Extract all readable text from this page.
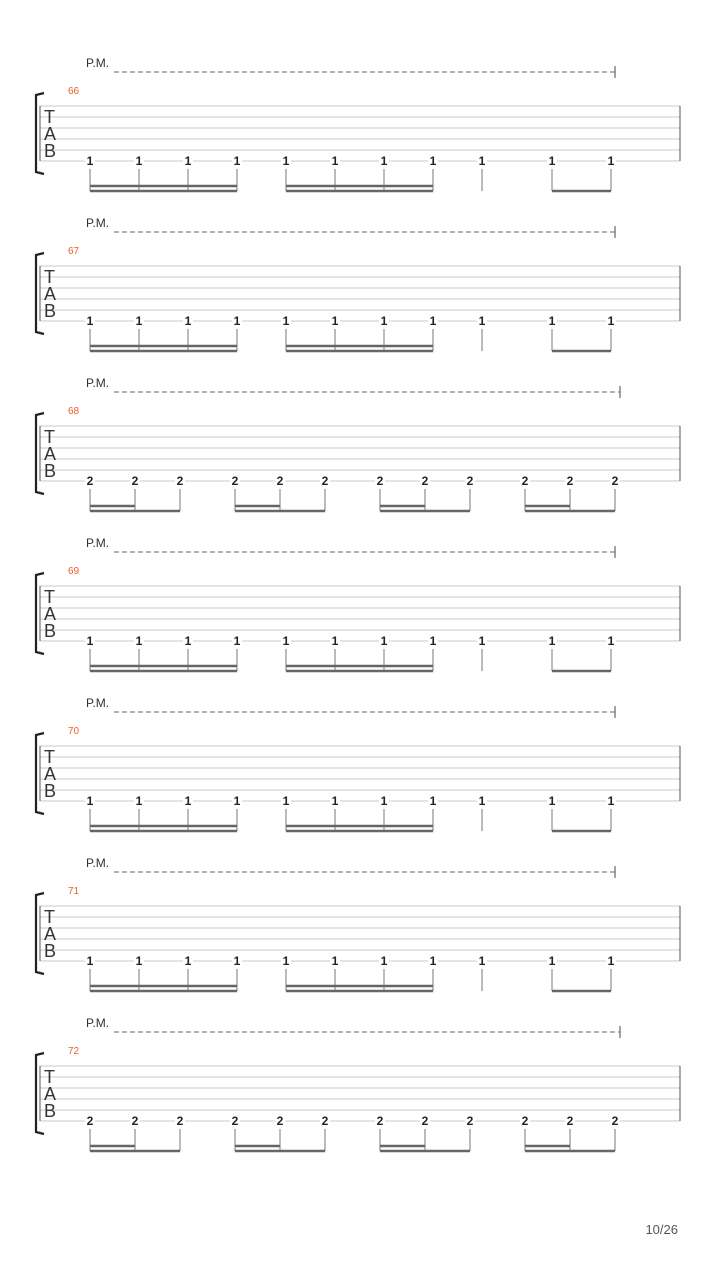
P.M.
66
T
A
B	1	1	1	1	1	1	1	1	1	1	1
P.M.
67
T
A
B	1	1	1	1	1	1	1	1	1	1	1
P.M.
68
T
A
B	2	2	2	2	2	2	2	2	2	2	2	2
P.M.
69
T
A
B	1	1	1	1	1	1	1	1	1	1	1
P.M.
70
T
A
B	1	1	1	1	1	1	1	1	1	1	1
P.M.
71
T
A
B	1	1	1	1	1	1	1	1	1	1	1
P.M.
72
T
A
B	2	2	2	2	2	2	2	2	2	2	2	2
10/26
